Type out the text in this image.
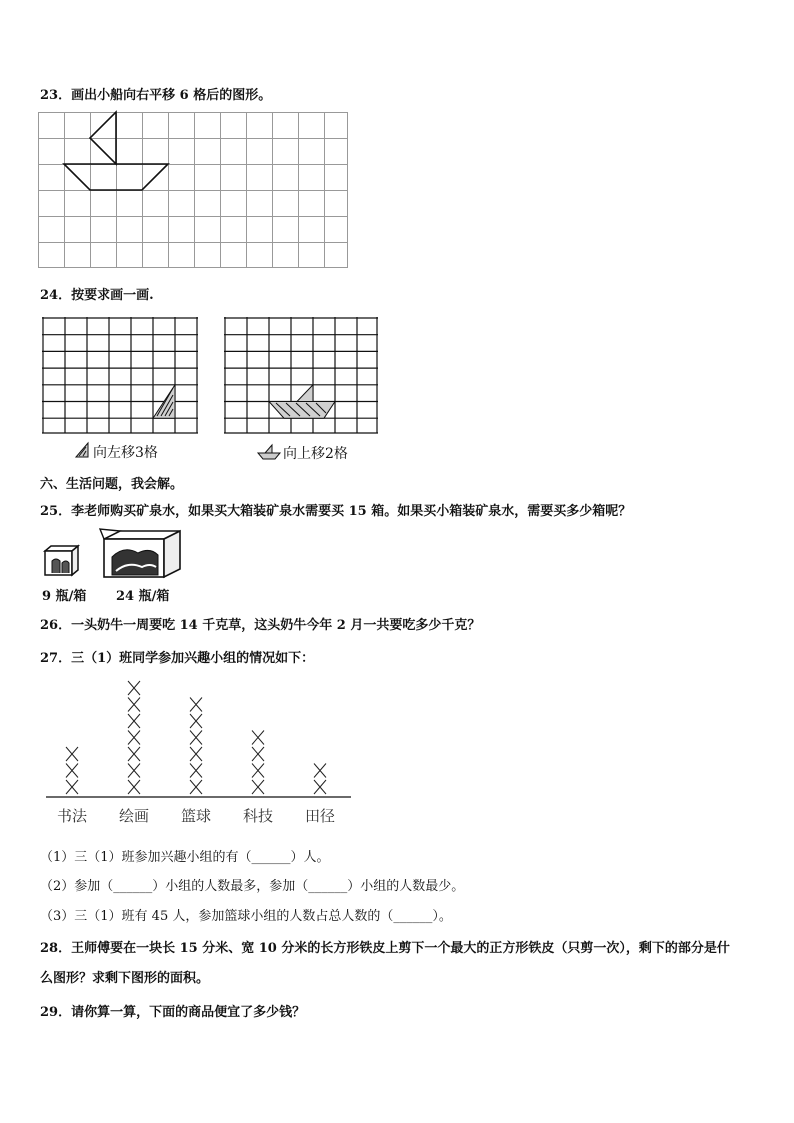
23．画出小船向右平移 6 格后的图形。
24．按要求画一画.
向左移3格	向上移2格
六、生活问题，我会解。
25．李老师购买矿泉水，如果买大箱装矿泉水需要买 15 箱。如果买小箱装矿泉水，需要买多少箱呢？
9 瓶/箱 24 瓶/箱
26．一头奶牛一周要吃 14 千克草，这头奶牛今年 2 月一共要吃多少千克？
27．三（1）班同学参加兴趣小组的情况如下：
书法 绘画 篮球 科技 田径
（1）三（1）班参加兴趣小组的有（______）人。
（2）参加（______）小组的人数最多，参加（______）小组的人数最少。
（3）三（1）班有 45 人，参加篮球小组的人数占总人数的（______）。
28．王师傅要在一块长 15 分米、宽 10 分米的长方形铁皮上剪下一个最大的正方形铁皮（只剪一次），剩下的部分是什
么图形？求剩下图形的面积。
29．请你算一算，下面的商品便宜了多少钱？
